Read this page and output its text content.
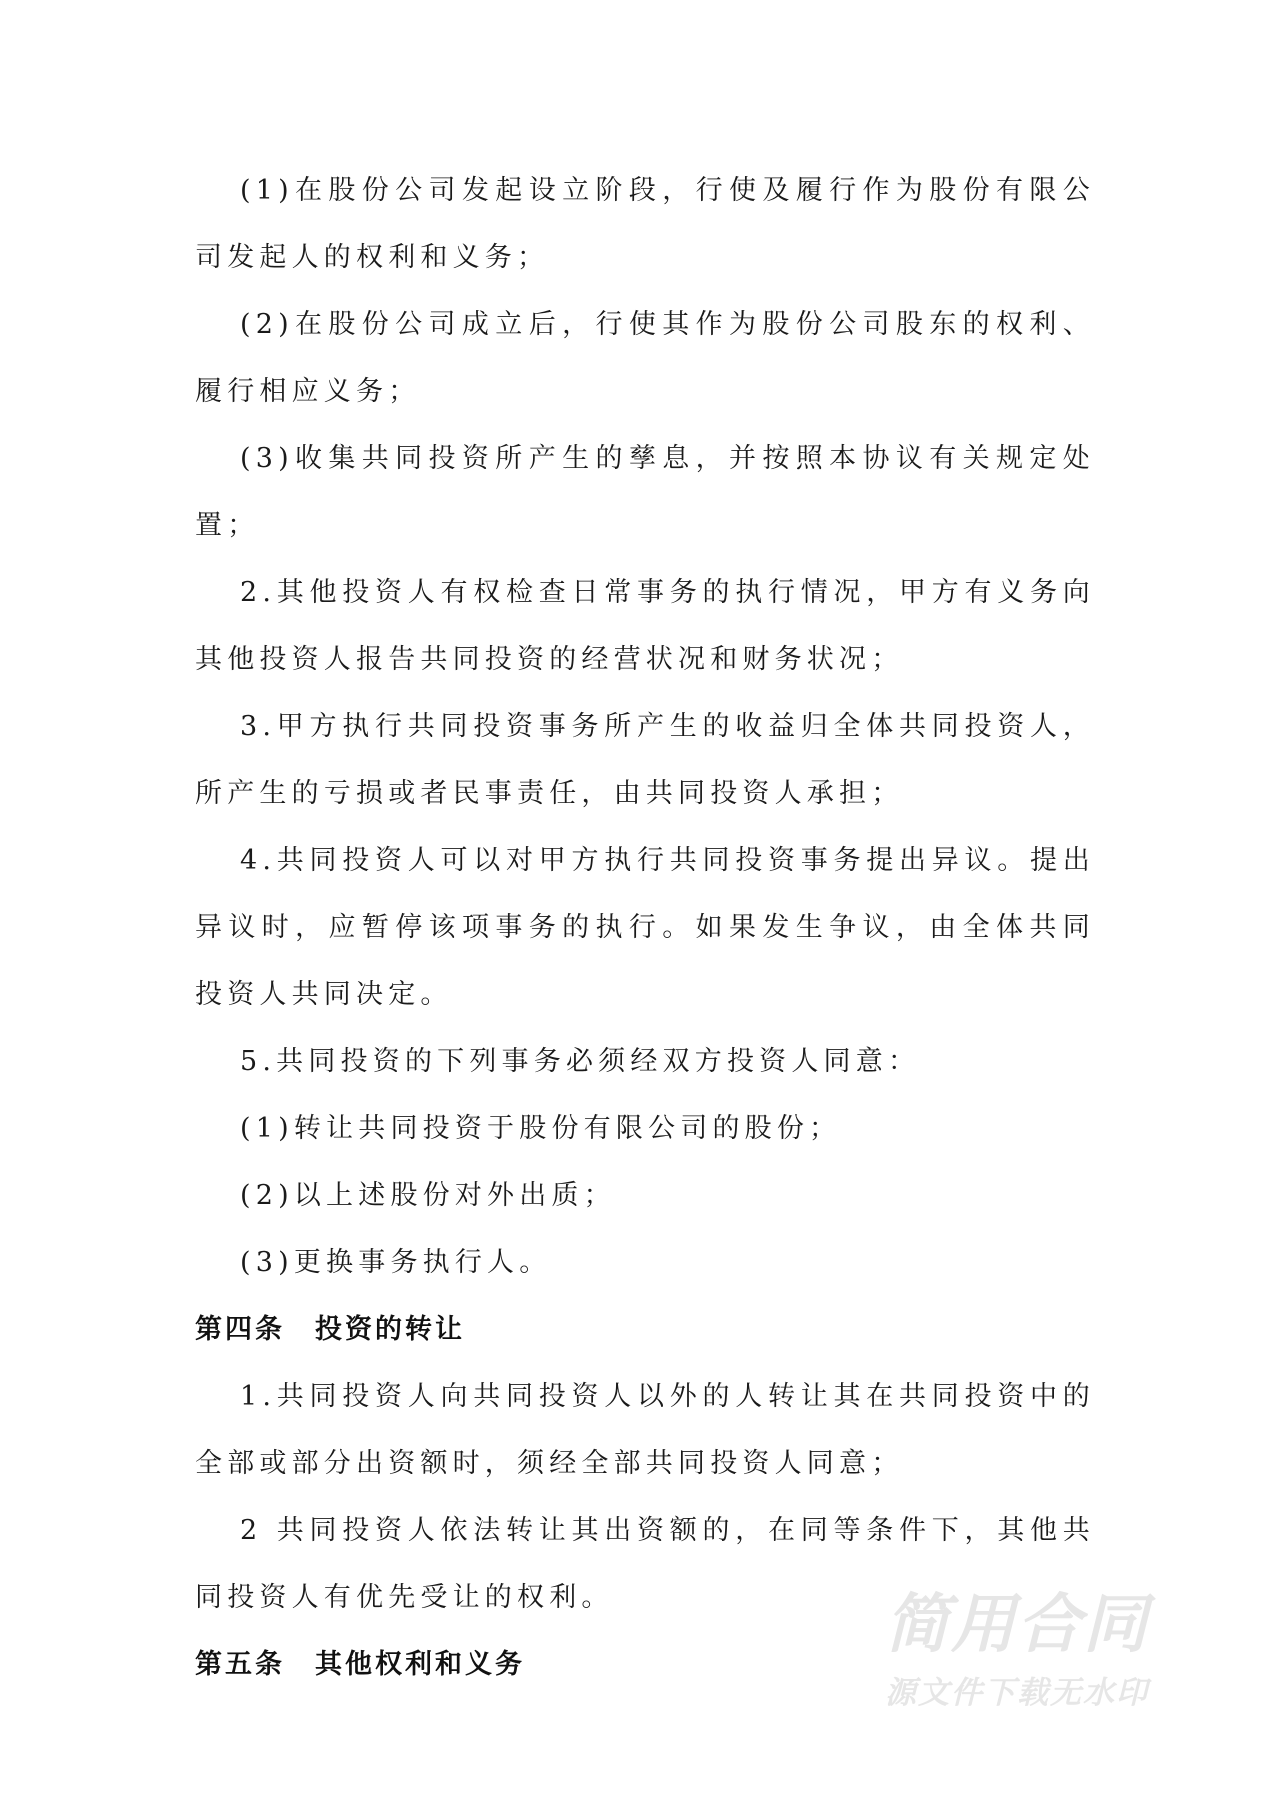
(1)在股份公司发起设立阶段，行使及履行作为股份有限公司发起人的权利和义务；

(2)在股份公司成立后，行使其作为股份公司股东的权利、履行相应义务；

(3)收集共同投资所产生的孳息，并按照本协议有关规定处置；

2.其他投资人有权检查日常事务的执行情况，甲方有义务向其他投资人报告共同投资的经营状况和财务状况；

3.甲方执行共同投资事务所产生的收益归全体共同投资人，所产生的亏损或者民事责任，由共同投资人承担；

4.共同投资人可以对甲方执行共同投资事务提出异议。提出异议时，应暂停该项事务的执行。如果发生争议，由全体共同投资人共同决定。

5.共同投资的下列事务必须经双方投资人同意：

(1)转让共同投资于股份有限公司的股份；

(2)以上述股份对外出质；

(3)更换事务执行人。

第四条 投资的转让

1.共同投资人向共同投资人以外的人转让其在共同投资中的全部或部分出资额时，须经全部共同投资人同意；

2 共同投资人依法转让其出资额的，在同等条件下，其他共同投资人有优先受让的权利。

第五条 其他权利和义务

简用合同
源文件下载无水印
